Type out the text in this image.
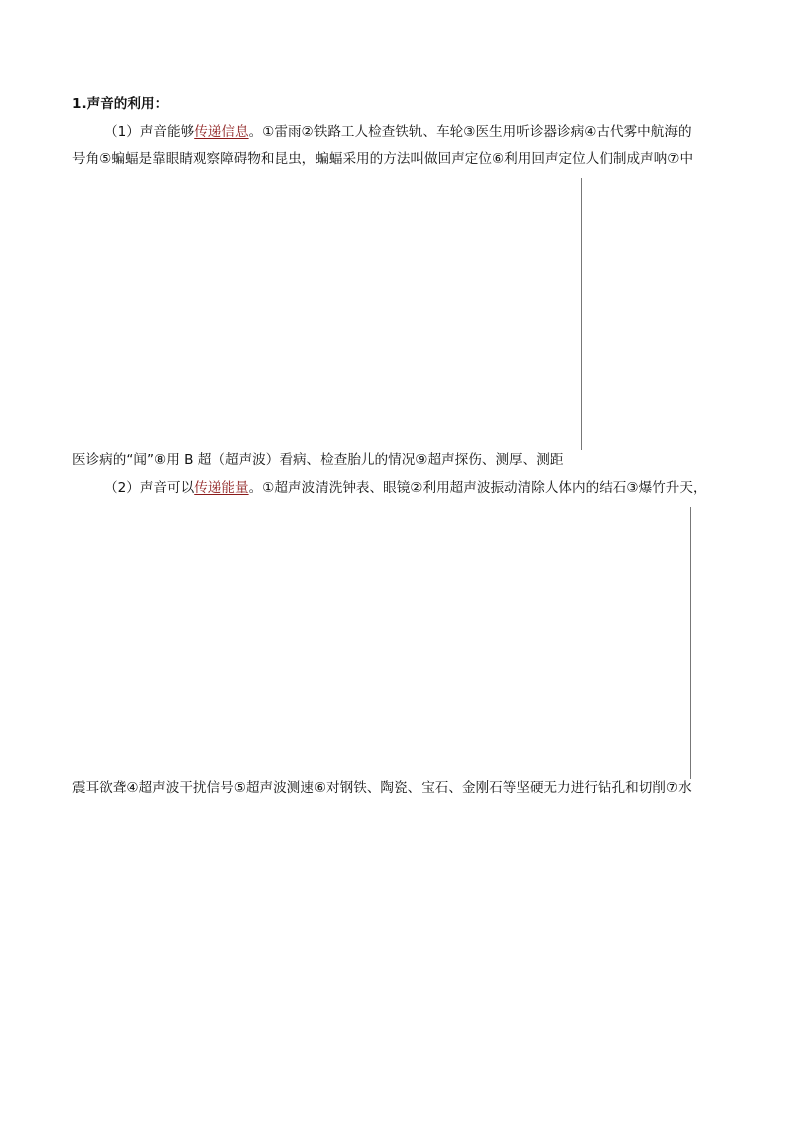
1.声音的利用：
（1）声音能够传递信息。①雷雨②铁路工人检查铁轨、车轮③医生用听诊器诊病④古代雾中航海的
号角⑤蝙蝠是靠眼睛观察障碍物和昆虫，蝙蝠采用的方法叫做回声定位⑥利用回声定位人们制成声呐⑦中
医诊病的“闻”⑧用 B 超（超声波）看病、检查胎儿的情况⑨超声探伤、测厚、测距
（2）声音可以传递能量。①超声波清洗钟表、眼镜②利用超声波振动清除人体内的结石③爆竹升天，
震耳欲聋④超声波干扰信号⑤超声波测速⑥对钢铁、陶瓷、宝石、金刚石等坚硬无力进行钻孔和切削⑦水
